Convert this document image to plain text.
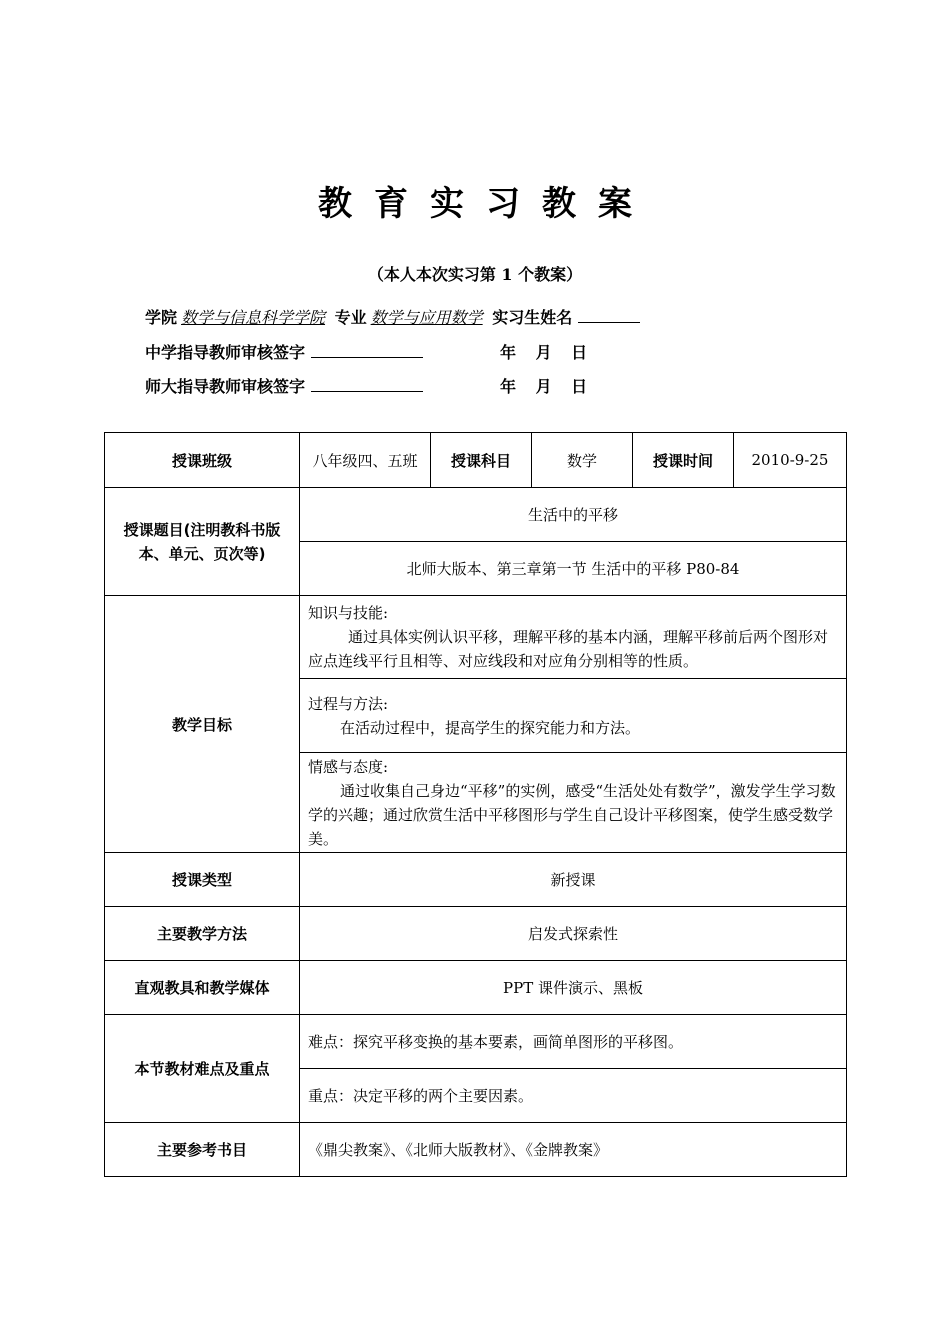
教育实习教案
（本人本次实习第 1 个教案）
学院 数学与信息科学学院 专业 数学与应用数学 实习生姓名
中学指导教师审核签字	年 月 日
师大指导教师审核签字	年 月 日
授课班级	八年级四、五班	授课科目	数学	授课时间	2010-9-25
授课题目(注明教科书版本、单元、页次等)	生活中的平移				
	北师大版本、第三章第一节 生活中的平移 P80-84				
教学目标	知识与技能:
通过具体实例认识平移，理解平移的基本内涵，理解平移前后两个图形对应点连线平行且相等、对应线段和对应角分别相等的性质。				

	过程与方法:
在活动过程中，提高学生的探究能力和方法。				

	情感与态度:
通过收集自己身边“平移”的实例，感受“生活处处有数学”，激发学生学习数学的兴趣；通过欣赏生活中平移图形与学生自己设计平移图案，使学生感受数学美。				

授课类型	新授课				
主要教学方法	启发式探索性				
直观教具和教学媒体	PPT 课件演示、黑板				
本节教材难点及重点	难点：探究平移变换的基本要素，画简单图形的平移图。				
	重点：决定平移的两个主要因素。				
主要参考书目	《鼎尖教案》、《北师大版教材》、《金牌教案》				
